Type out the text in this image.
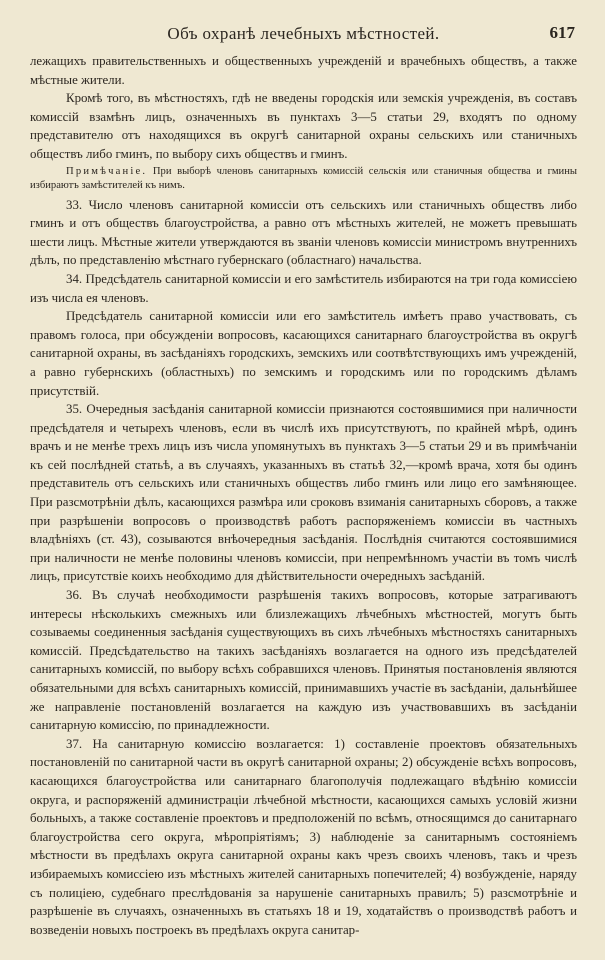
Объ охранѣ лечебныхъ мѣстностей.	617

лежащихъ правительственныхъ и общественныхъ учрежденій и врачебныхъ обществъ, а также мѣстные жители.

Кромѣ того, въ мѣстностяхъ, гдѣ не введены городскія или земскія учрежденія, въ составъ комиссій взамѣнъ лицъ, означенныхъ въ пунктахъ 3—5 статьи 29, входятъ по одному представителю отъ находящихся въ округѣ санитарной охраны сельскихъ или станичныхъ обществъ либо гминъ, по выбору сихъ обществъ и гминъ.

Примѣчаніе. При выборѣ членовъ санитарныхъ комиссій сельскія или станичныя общества и гмины избираютъ замѣстителей къ нимъ.

33. Число членовъ санитарной комиссіи отъ сельскихъ или станичныхъ обществъ либо гминъ и отъ обществъ благоустройства, а равно отъ мѣстныхъ жителей, не можетъ превышать шести лицъ. Мѣстные жители утверждаются въ званіи членовъ комиссіи министромъ внутреннихъ дѣлъ, по представленію мѣстнаго губернскаго (областнаго) начальства.

34. Предсѣдатель санитарной комиссіи и его замѣститель избираются на три года комиссіею изъ числа ея членовъ.

Предсѣдатель санитарной комиссіи или его замѣститель имѣетъ право участвовать, съ правомъ голоса, при обсужденіи вопросовъ, касающихся санитарнаго благоустройства въ округѣ санитарной охраны, въ засѣданіяхъ городскихъ, земскихъ или соотвѣтствующихъ имъ учрежденій, а равно губернскихъ (областныхъ) по земскимъ и городскимъ или по городскимъ дѣламъ присутствій.

35. Очередныя засѣданія санитарной комиссіи признаются состоявшимися при наличности предсѣдателя и четырехъ членовъ, если въ числѣ ихъ присутствуютъ, по крайней мѣрѣ, одинъ врачъ и не менѣе трехъ лицъ изъ числа упомянутыхъ въ пунктахъ 3—5 статьи 29 и въ примѣчаніи къ сей послѣдней статьѣ, а въ случаяхъ, указанныхъ въ статьѣ 32,—кромѣ врача, хотя бы одинъ представитель отъ сельскихъ или станичныхъ обществъ либо гминъ или лицо его замѣняющее. При разсмотрѣніи дѣлъ, касающихся размѣра или сроковъ взиманія санитарныхъ сборовъ, а также при разрѣшеніи вопросовъ о производствѣ работъ распоряженіемъ комиссіи въ частныхъ владѣніяхъ (ст. 43), созываются внѣочередныя засѣданія. Послѣднія считаются состоявшимися при наличности не менѣе половины членовъ комиссіи, при непремѣнномъ участіи въ томъ числѣ лицъ, присутствіе коихъ необходимо для дѣйствительности очередныхъ засѣданій.

36. Въ случаѣ необходимости разрѣшенія такихъ вопросовъ, которые затрагиваютъ интересы нѣсколькихъ смежныхъ или близлежащихъ лѣчебныхъ мѣстностей, могутъ быть созываемы соединенныя засѣданія существующихъ въ сихъ лѣчебныхъ мѣстностяхъ санитарныхъ комиссій. Предсѣдательство на такихъ засѣданіяхъ возлагается на одного изъ предсѣдателей санитарныхъ комиссій, по выбору всѣхъ собравшихся членовъ. Принятыя постановленія являются обязательными для всѣхъ санитарныхъ комиссій, принимавшихъ участіе въ засѣданіи, дальнѣйшее же направленіе постановленій возлагается на каждую изъ участвовавшихъ въ засѣданіи санитарную комиссію, по принадлежности.

37. На санитарную комиссію возлагается: 1) составленіе проектовъ обязательныхъ постановленій по санитарной части въ округѣ санитарной охраны; 2) обсужденіе всѣхъ вопросовъ, касающихся благоустройства или санитарнаго благополучія подлежащаго вѣдѣнію комиссіи округа, и распоряженій администраціи лѣчебной мѣстности, касающихся самыхъ условій жизни больныхъ, а также составленіе проектовъ и предположеній по всѣмъ, относящимся до санитарнаго благоустройства сего округа, мѣропріятіямъ; 3) наблюденіе за санитарнымъ состояніемъ мѣстности въ предѣлахъ округа санитарной охраны какъ чрезъ своихъ членовъ, такъ и чрезъ избираемыхъ комиссіею изъ мѣстныхъ жителей санитарныхъ попечителей; 4) возбужденіе, наряду съ полиціею, судебнаго преслѣдованія за нарушеніе санитарныхъ правилъ; 5) разсмотрѣніе и разрѣшеніе въ случаяхъ, означенныхъ въ статьяхъ 18 и 19, ходатайствъ о производствѣ работъ и возведеніи новыхъ построекъ въ предѣлахъ округа санитар-
